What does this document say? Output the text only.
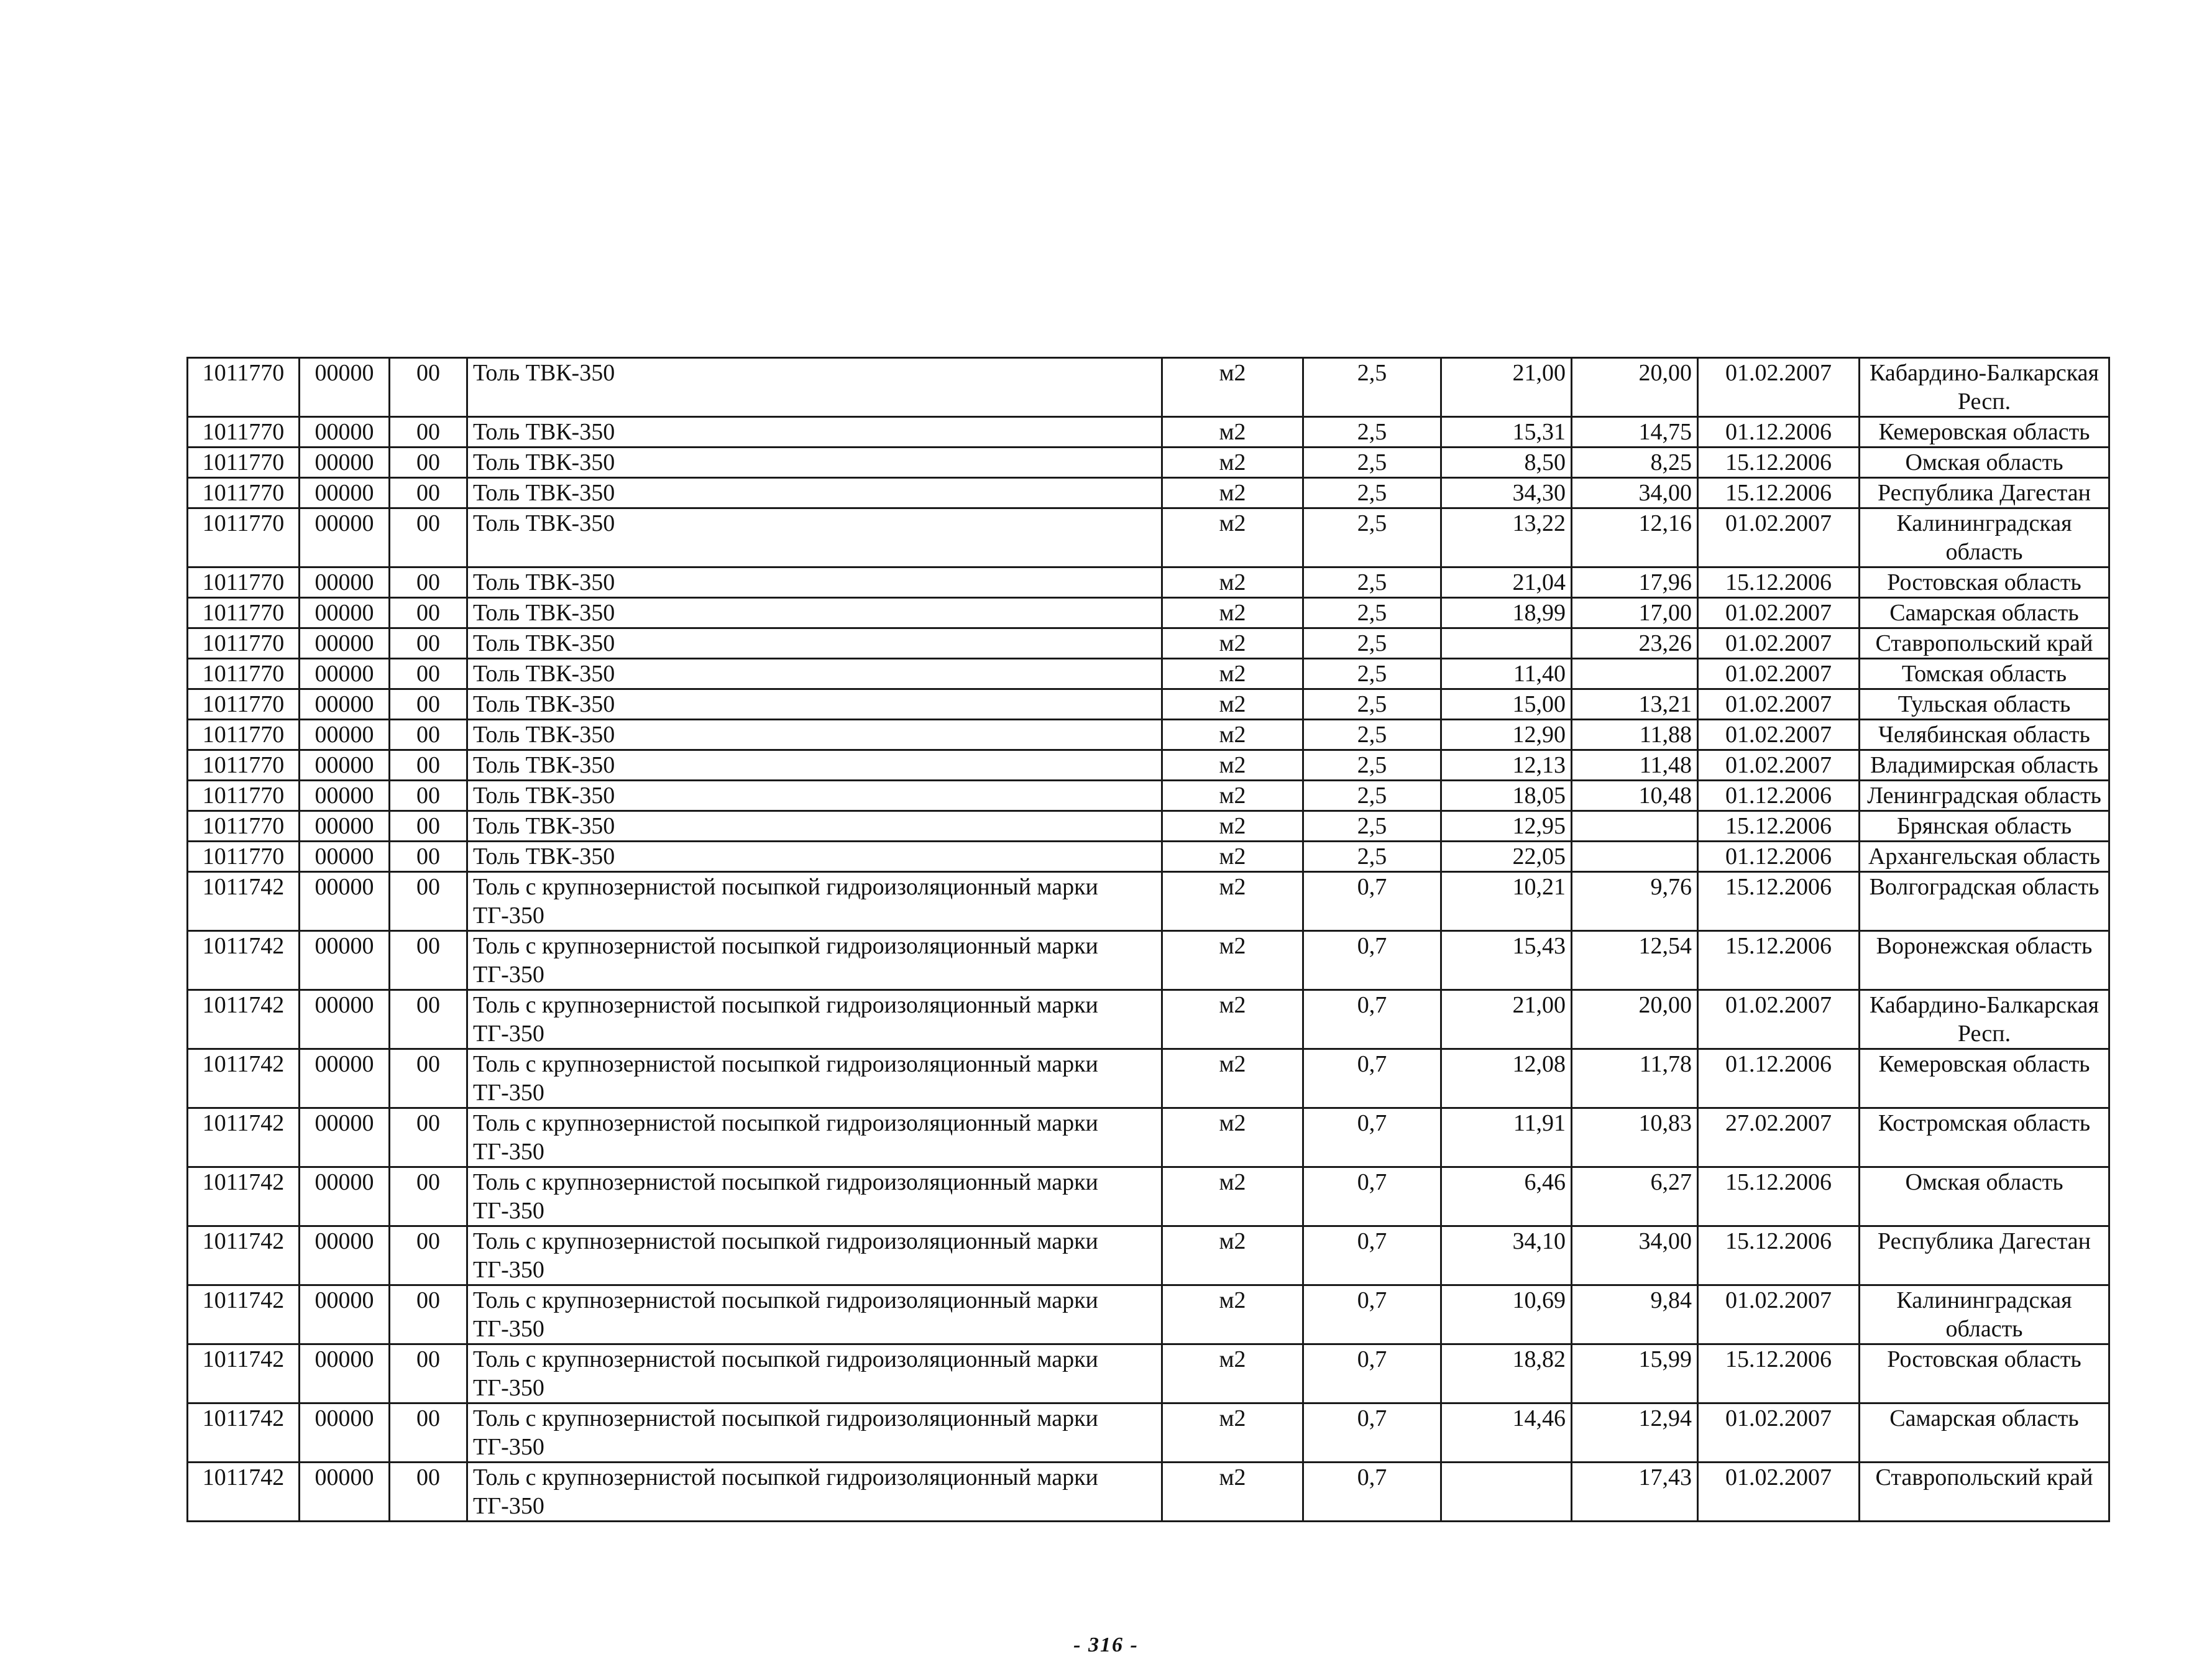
1011770	00000	00	Толь ТВК-350	м2	2,5	21,00	20,00	01.02.2007	Кабардино-Балкарская Респ.
1011770	00000	00	Толь ТВК-350	м2	2,5	15,31	14,75	01.12.2006	Кемеровская область
1011770	00000	00	Толь ТВК-350	м2	2,5	8,50	8,25	15.12.2006	Омская область
1011770	00000	00	Толь ТВК-350	м2	2,5	34,30	34,00	15.12.2006	Республика Дагестан
1011770	00000	00	Толь ТВК-350	м2	2,5	13,22	12,16	01.02.2007	Калининградская область
1011770	00000	00	Толь ТВК-350	м2	2,5	21,04	17,96	15.12.2006	Ростовская область
1011770	00000	00	Толь ТВК-350	м2	2,5	18,99	17,00	01.02.2007	Самарская область
1011770	00000	00	Толь ТВК-350	м2	2,5		23,26	01.02.2007	Ставропольский край
1011770	00000	00	Толь ТВК-350	м2	2,5	11,40		01.02.2007	Томская область
1011770	00000	00	Толь ТВК-350	м2	2,5	15,00	13,21	01.02.2007	Тульская область
1011770	00000	00	Толь ТВК-350	м2	2,5	12,90	11,88	01.02.2007	Челябинская область
1011770	00000	00	Толь ТВК-350	м2	2,5	12,13	11,48	01.02.2007	Владимирская область
1011770	00000	00	Толь ТВК-350	м2	2,5	18,05	10,48	01.12.2006	Ленинградская область
1011770	00000	00	Толь ТВК-350	м2	2,5	12,95		15.12.2006	Брянская область
1011770	00000	00	Толь ТВК-350	м2	2,5	22,05		01.12.2006	Архангельская область
1011742	00000	00	Толь с крупнозернистой посыпкой гидроизоляционный марки ТГ-350	м2	0,7	10,21	9,76	15.12.2006	Волгоградская область
1011742	00000	00	Толь с крупнозернистой посыпкой гидроизоляционный марки ТГ-350	м2	0,7	15,43	12,54	15.12.2006	Воронежская область
1011742	00000	00	Толь с крупнозернистой посыпкой гидроизоляционный марки ТГ-350	м2	0,7	21,00	20,00	01.02.2007	Кабардино-Балкарская Респ.
1011742	00000	00	Толь с крупнозернистой посыпкой гидроизоляционный марки ТГ-350	м2	0,7	12,08	11,78	01.12.2006	Кемеровская область
1011742	00000	00	Толь с крупнозернистой посыпкой гидроизоляционный марки ТГ-350	м2	0,7	11,91	10,83	27.02.2007	Костромская область
1011742	00000	00	Толь с крупнозернистой посыпкой гидроизоляционный марки ТГ-350	м2	0,7	6,46	6,27	15.12.2006	Омская область
1011742	00000	00	Толь с крупнозернистой посыпкой гидроизоляционный марки ТГ-350	м2	0,7	34,10	34,00	15.12.2006	Республика Дагестан
1011742	00000	00	Толь с крупнозернистой посыпкой гидроизоляционный марки ТГ-350	м2	0,7	10,69	9,84	01.02.2007	Калининградская область
1011742	00000	00	Толь с крупнозернистой посыпкой гидроизоляционный марки ТГ-350	м2	0,7	18,82	15,99	15.12.2006	Ростовская область
1011742	00000	00	Толь с крупнозернистой посыпкой гидроизоляционный марки ТГ-350	м2	0,7	14,46	12,94	01.02.2007	Самарская область
1011742	00000	00	Толь с крупнозернистой посыпкой гидроизоляционный марки ТГ-350	м2	0,7		17,43	01.02.2007	Ставропольский край
- 316 -
